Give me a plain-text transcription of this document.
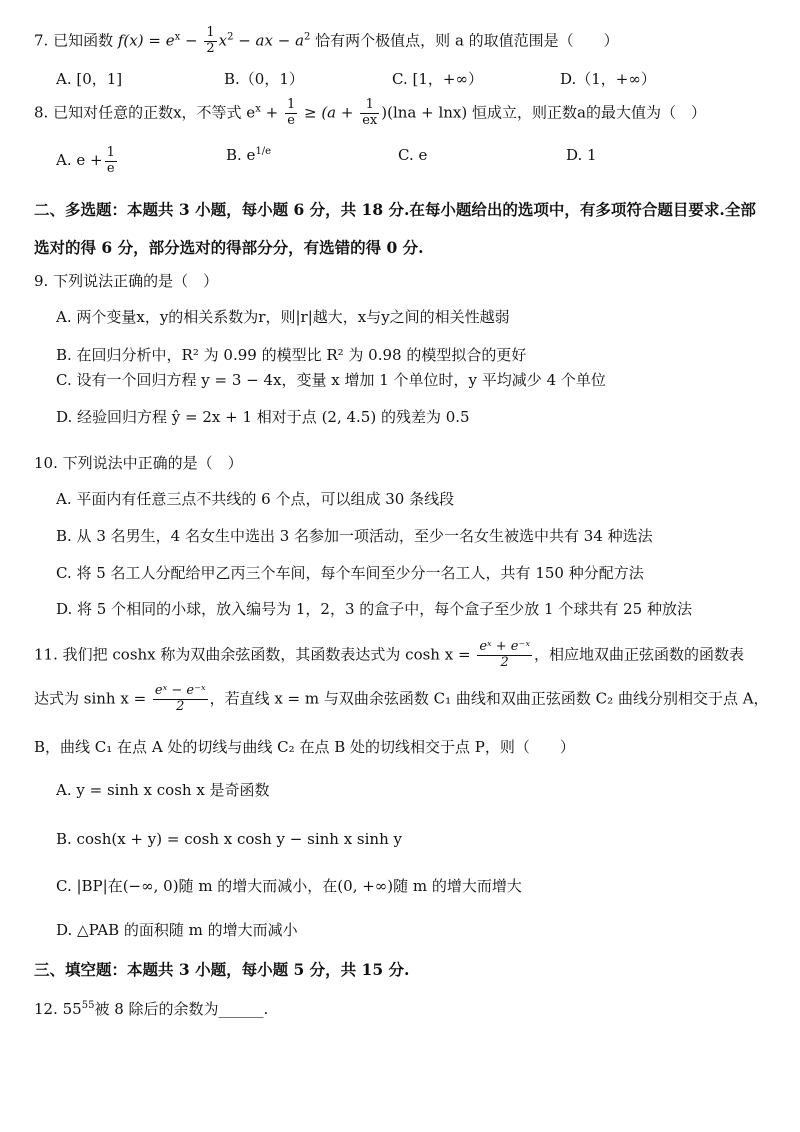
7. 已知函数 $f(x) = e^x - \frac{1}{2} x^2$ − ax − $a^2$ 恰有两个极值点，则 a 的取值范围是（　　）
A. [0，1]	B.（0，1）	C. [1，+∞）	D.（1，+∞）
8. 已知对任意的正数x，不等式 $e^x + \frac{1}{e} \ge (a + \frac{1}{ex} )(\ln a + \ln x)$ 恒成立，则正数a的最大值为（　）
A. $e + \frac{1}{e}$	B. $e^{1/e}$	C. e	D. 1
二、多选题：本题共 3 小题，每小题 6 分，共 18 分.在每小题给出的选项中，有多项符合题目要求.全部
选对的得 6 分，部分选对的得部分分，有选错的得 0 分.
9. 下列说法正确的是（　）
A. 两个变量x，y的相关系数为r，则|r|越大，x与y之间的相关性越弱
B. 在回归分析中，R² 为 0.99 的模型比 R² 为 0.98 的模型拟合的更好
C. 设有一个回归方程 y = 3 − 4x，变量 x 增加 1 个单位时，y 平均减少 4 个单位
D. 经验回归方程 ŷ = 2x + 1 相对于点 (2, 4.5) 的残差为 0.5
10. 下列说法中正确的是（　）
A. 平面内有任意三点不共线的 6 个点，可以组成 30 条线段
B. 从 3 名男生，4 名女生中选出 3 名参加一项活动，至少一名女生被选中共有 34 种选法
C. 将 5 名工人分配给甲乙丙三个车间，每个车间至少分一名工人，共有 150 种分配方法
D. 将 5 个相同的小球，放入编号为 1，2，3 的盒子中，每个盒子至少放 1 个球共有 25 种放法
11. 我们把 coshx 称为双曲余弦函数，其函数表达式为 $\cosh x = \frac{\text{eˣ + e⁻ˣ}}{2}$ ，相应地双曲正弦函数的函数表
达式为 $\sinh x = \frac{\text{eˣ − e⁻ˣ}}{2}$ ，若直线 x = m 与双曲余弦函数 C₁ 曲线和双曲正弦函数 C₂ 曲线分别相交于点 A，
B，曲线 C₁ 在点 A 处的切线与曲线 C₂ 在点 B 处的切线相交于点 P，则（　　）
A. y = sinh x cosh x 是奇函数
B. cosh(x + y) = cosh x cosh y − sinh x sinh y
C. |BP|在(−∞, 0)随 m 的增大而减小，在(0, +∞)随 m 的增大而增大
D. △PAB 的面积随 m 的增大而减小
三、填空题：本题共 3 小题，每小题 5 分，共 15 分.
12. $55^{55}$被 8 除后的余数为______.
